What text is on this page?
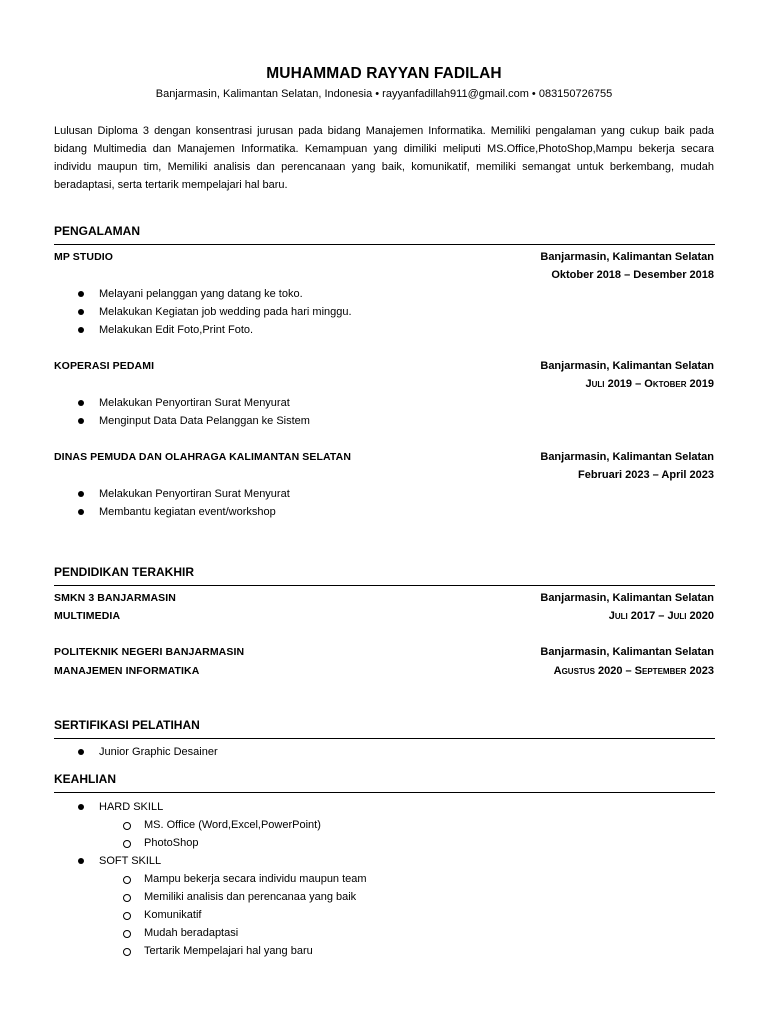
MUHAMMAD RAYYAN FADILAH
Banjarmasin, Kalimantan Selatan, Indonesia • rayyanfadillah911@gmail.com • 083150726755
Lulusan Diploma 3 dengan konsentrasi jurusan pada bidang Manajemen Informatika. Memiliki pengalaman yang cukup baik pada bidang Multimedia dan Manajemen Informatika. Kemampuan yang dimiliki meliputi MS.Office,PhotoShop,Mampu bekerja secara individu maupun tim, Memiliki analisis dan perencanaan yang baik, komunikatif, memiliki semangat untuk berkembang, mudah beradaptasi, serta tertarik mempelajari hal baru.
PENGALAMAN
MP STUDIO	Banjarmasin, Kalimantan Selatan
Oktober 2018 – Desember 2018
Melayani pelanggan yang datang ke toko.
Melakukan Kegiatan job wedding pada hari minggu.
Melakukan Edit Foto,Print Foto.
KOPERASI PEDAMI	Banjarmasin, Kalimantan Selatan
Juli 2019 – Oktober 2019
Melakukan Penyortiran Surat Menyurat
Menginput Data Data Pelanggan ke Sistem
DINAS PEMUDA DAN OLAHRAGA KALIMANTAN SELATAN	Banjarmasin, Kalimantan Selatan
Februari 2023 – April 2023
Melakukan Penyortiran Surat Menyurat
Membantu kegiatan event/workshop
PENDIDIKAN TERAKHIR
SMKN 3 BANJARMASIN	Banjarmasin, Kalimantan Selatan
MULTIMEDIA	Juli 2017 – Juli 2020
POLITEKNIK NEGERI BANJARMASIN	Banjarmasin, Kalimantan Selatan
MANAJEMEN INFORMATIKA	Agustus 2020 – September 2023
SERTIFIKASI PELATIHAN
Junior Graphic Desainer
KEAHLIAN
HARD SKILL
MS. Office (Word,Excel,PowerPoint)
PhotoShop
SOFT SKILL
Mampu bekerja secara individu maupun team
Memiliki analisis dan perencanaa yang baik
Komunikatif
Mudah beradaptasi
Tertarik Mempelajari hal yang baru
